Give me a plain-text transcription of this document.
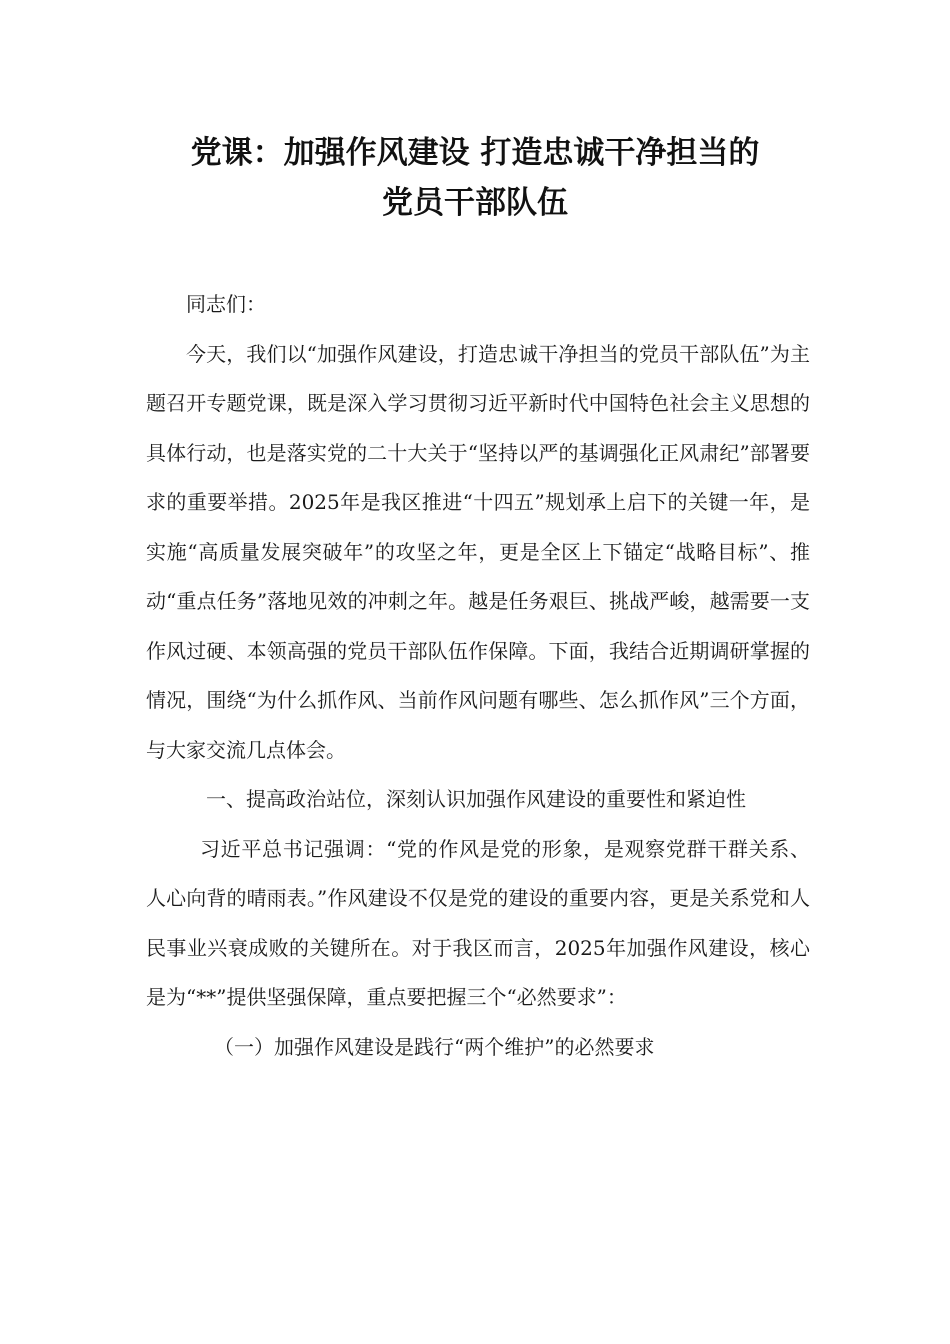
党课：加强作风建设 打造忠诚干净担当的
党员干部队伍

同志们：

今天，我们以“加强作风建设，打造忠诚干净担当的党员干部队伍”为主题召开专题党课，既是深入学习贯彻习近平新时代中国特色社会主义思想的具体行动，也是落实党的二十大关于“坚持以严的基调强化正风肃纪”部署要求的重要举措。2025年是我区推进“十四五”规划承上启下的关键一年，是实施“高质量发展突破年”的攻坚之年，更是全区上下锚定“战略目标”、推动“重点任务”落地见效的冲刺之年。越是任务艰巨、挑战严峻，越需要一支作风过硬、本领高强的党员干部队伍作保障。下面，我结合近期调研掌握的情况，围绕“为什么抓作风、当前作风问题有哪些、怎么抓作风”三个方面，与大家交流几点体会。

一、提高政治站位，深刻认识加强作风建设的重要性和紧迫性

习近平总书记强调：“党的作风是党的形象，是观察党群干群关系、人心向背的晴雨表。”作风建设不仅是党的建设的重要内容，更是关系党和人民事业兴衰成败的关键所在。对于我区而言，2025年加强作风建设，核心是为“**”提供坚强保障，重点要把握三个“必然要求”：

（一）加强作风建设是践行“两个维护”的必然要求
